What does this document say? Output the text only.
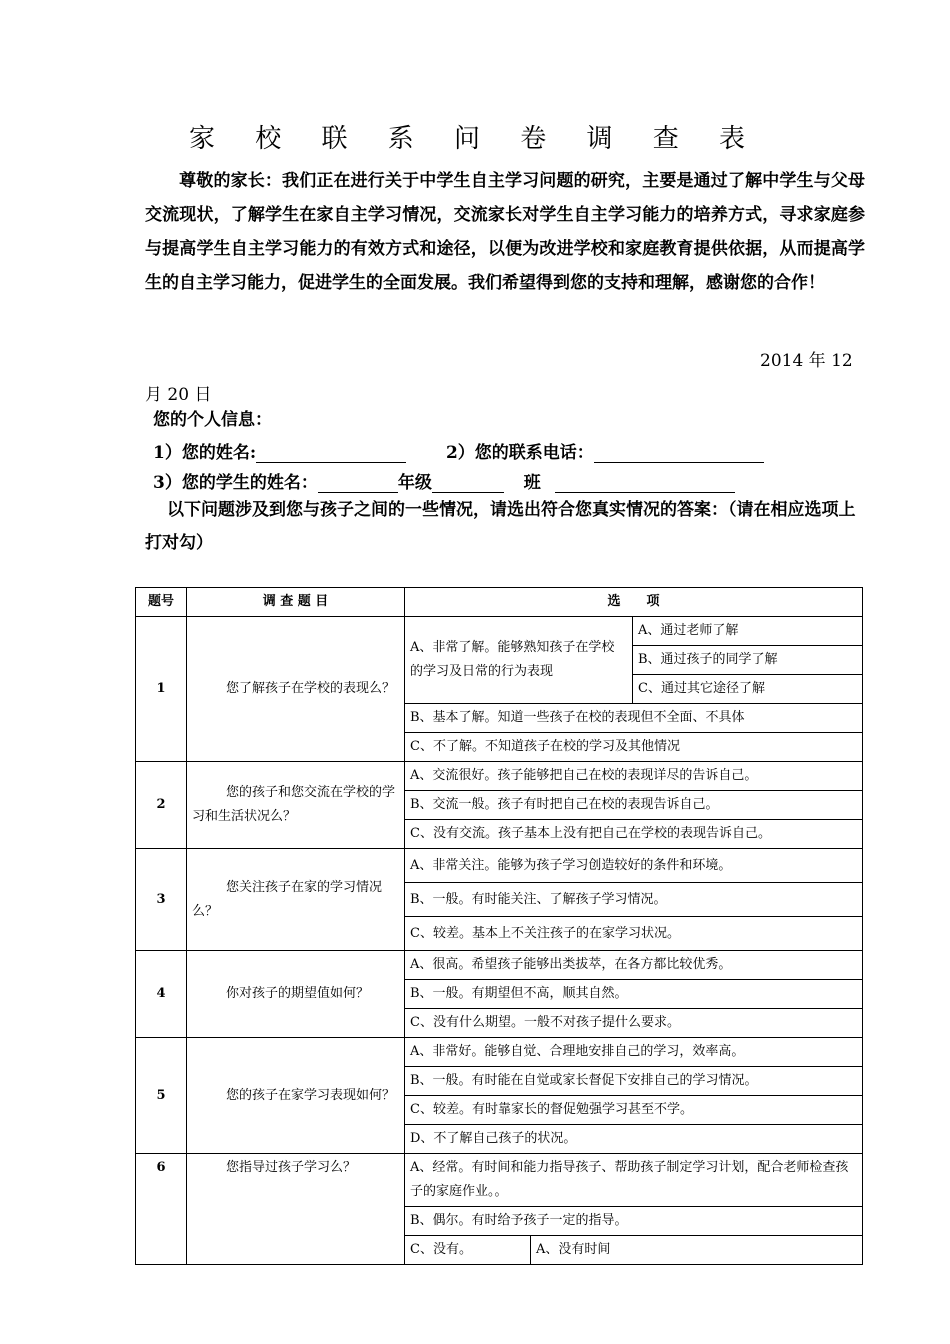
家 校 联 系 问 卷 调 查 表

尊敬的家长：我们正在进行关于中学生自主学习问题的研究，主要是通过了解中学生与父母交流现状，了解学生在家自主学习情况，交流家长对学生自主学习能力的培养方式，寻求家庭参与提高学生自主学习能力的有效方式和途径，以便为改进学校和家庭教育提供依据，从而提高学生的自主学习能力，促进学生的全面发展。我们希望得到您的支持和理解，感谢您的合作！

2014 年 12
月 20 日
您的个人信息：
1）您的姓名:	2）您的联系电话：
3）您的学生的姓名：	年级	班

以下问题涉及到您与孩子之间的一些情况，请选出符合您真实情况的答案：（请在相应选项上打对勾）

题号	调 查 题 目	选　　项		
1	您了解孩子在学校的表现么？	A、非常了解。能够熟知孩子在学校的学习及日常的行为表现		A、通过老师了解
				B、通过孩子的同学了解
				C、通过其它途径了解
		B、基本了解。知道一些孩子在校的表现但不全面、不具体		
		C、不了解。不知道孩子在校的学习及其他情况		
2	您的孩子和您交流在学校的学习和生活状况么？	A、交流很好。孩子能够把自己在校的表现详尽的告诉自己。		
		B、交流一般。孩子有时把自己在校的表现告诉自己。		
		C、没有交流。孩子基本上没有把自己在学校的表现告诉自己。		
3	您关注孩子在家的学习情况么？	A、非常关注。能够为孩子学习创造较好的条件和环境。		
		B、一般。有时能关注、了解孩子学习情况。		
		C、较差。基本上不关注孩子的在家学习状况。		
4	你对孩子的期望值如何？	A、很高。希望孩子能够出类拔萃，在各方都比较优秀。		
		B、一般。有期望但不高，顺其自然。		
		C、没有什么期望。一般不对孩子提什么要求。		
5	您的孩子在家学习表现如何？	A、非常好。能够自觉、合理地安排自己的学习，效率高。		
		B、一般。有时能在自觉或家长督促下安排自己的学习情况。		
		C、较差。有时靠家长的督促勉强学习甚至不学。		
		D、不了解自己孩子的状况。		
6	您指导过孩子学习么？	A、经常。有时间和能力指导孩子、帮助孩子制定学习计划，配合老师检查孩子的家庭作业。。		
		B、偶尔。有时给予孩子一定的指导。		
		C、没有。	A、没有时间	
